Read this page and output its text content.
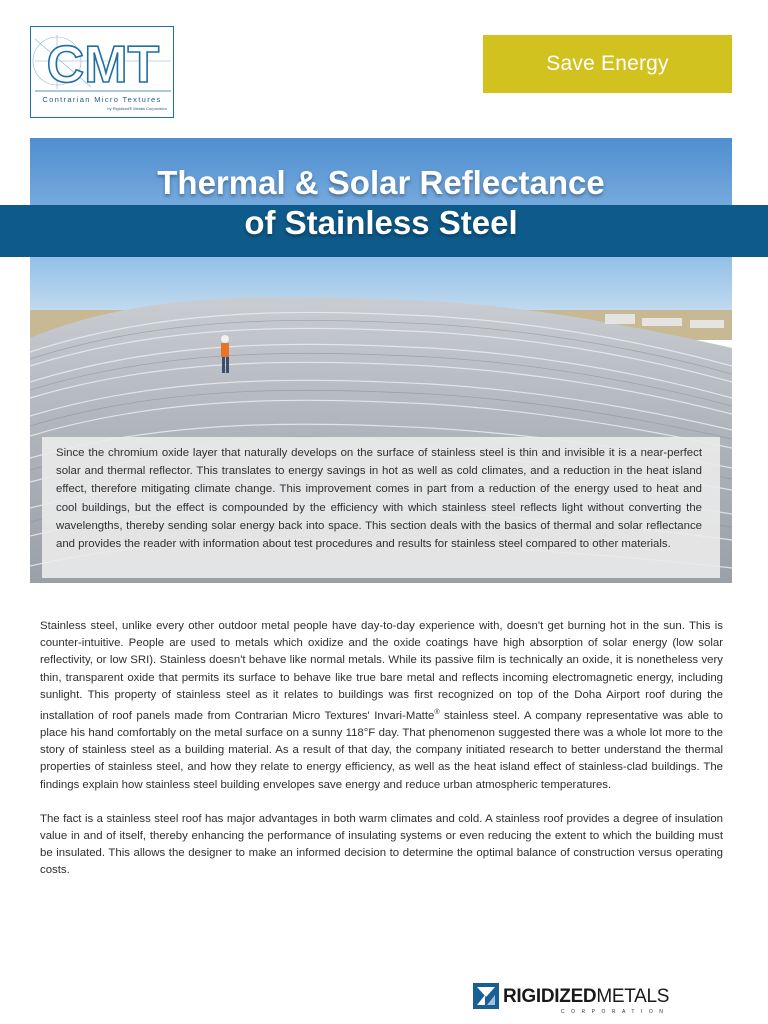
CMT
Contrarian Micro Textures
by Rigidized® Metals Corporation
Save Energy
Thermal & Solar Reflectance
of Stainless Steel
Since the chromium oxide layer that naturally develops on the surface of stainless steel is thin and invisible it is a near-perfect solar and thermal reflector. This translates to energy savings in hot as well as cold climates, and a reduction in the heat island effect, therefore mitigating climate change. This improvement comes in part from a reduction of the energy used to heat and cool buildings, but the effect is compounded by the efficiency with which stainless steel reflects light without converting the wavelengths, thereby sending solar energy back into space. This section deals with the basics of thermal and solar reflectance and provides the reader with information about test procedures and results for stainless steel compared to other materials.

Stainless steel, unlike every other outdoor metal people have day-to-day experience with, doesn't get burning hot in the sun. This is counter-intuitive. People are used to metals which oxidize and the oxide coatings have high absorption of solar energy (low solar reflectivity, or low SRI). Stainless doesn't behave like normal metals. While its passive film is technically an oxide, it is nonetheless very thin, transparent oxide that permits its surface to behave like true bare metal and reflects incoming electromagnetic energy, including sunlight. This property of stainless steel as it relates to buildings was first recognized on top of the Doha Airport roof during the installation of roof panels made from Contrarian Micro Textures' Invari-Matte® stainless steel. A company representative was able to place his hand comfortably on the metal surface on a sunny 118°F day. That phenomenon suggested there was a whole lot more to the story of stainless steel as a building material. As a result of that day, the company initiated research to better understand the thermal properties of stainless steel, and how they relate to energy efficiency, as well as the heat island effect of stainless-clad buildings. The findings explain how stainless steel building envelopes save energy and reduce urban atmospheric temperatures.

The fact is a stainless steel roof has major advantages in both warm climates and cold. A stainless roof provides a degree of insulation value in and of itself, thereby enhancing the performance of insulating systems or even reducing the extent to which the building must be insulated. This allows the designer to make an informed decision to determine the optimal balance of construction versus operating costs.

RIGIDIZEDMETALS
CORPORATION
